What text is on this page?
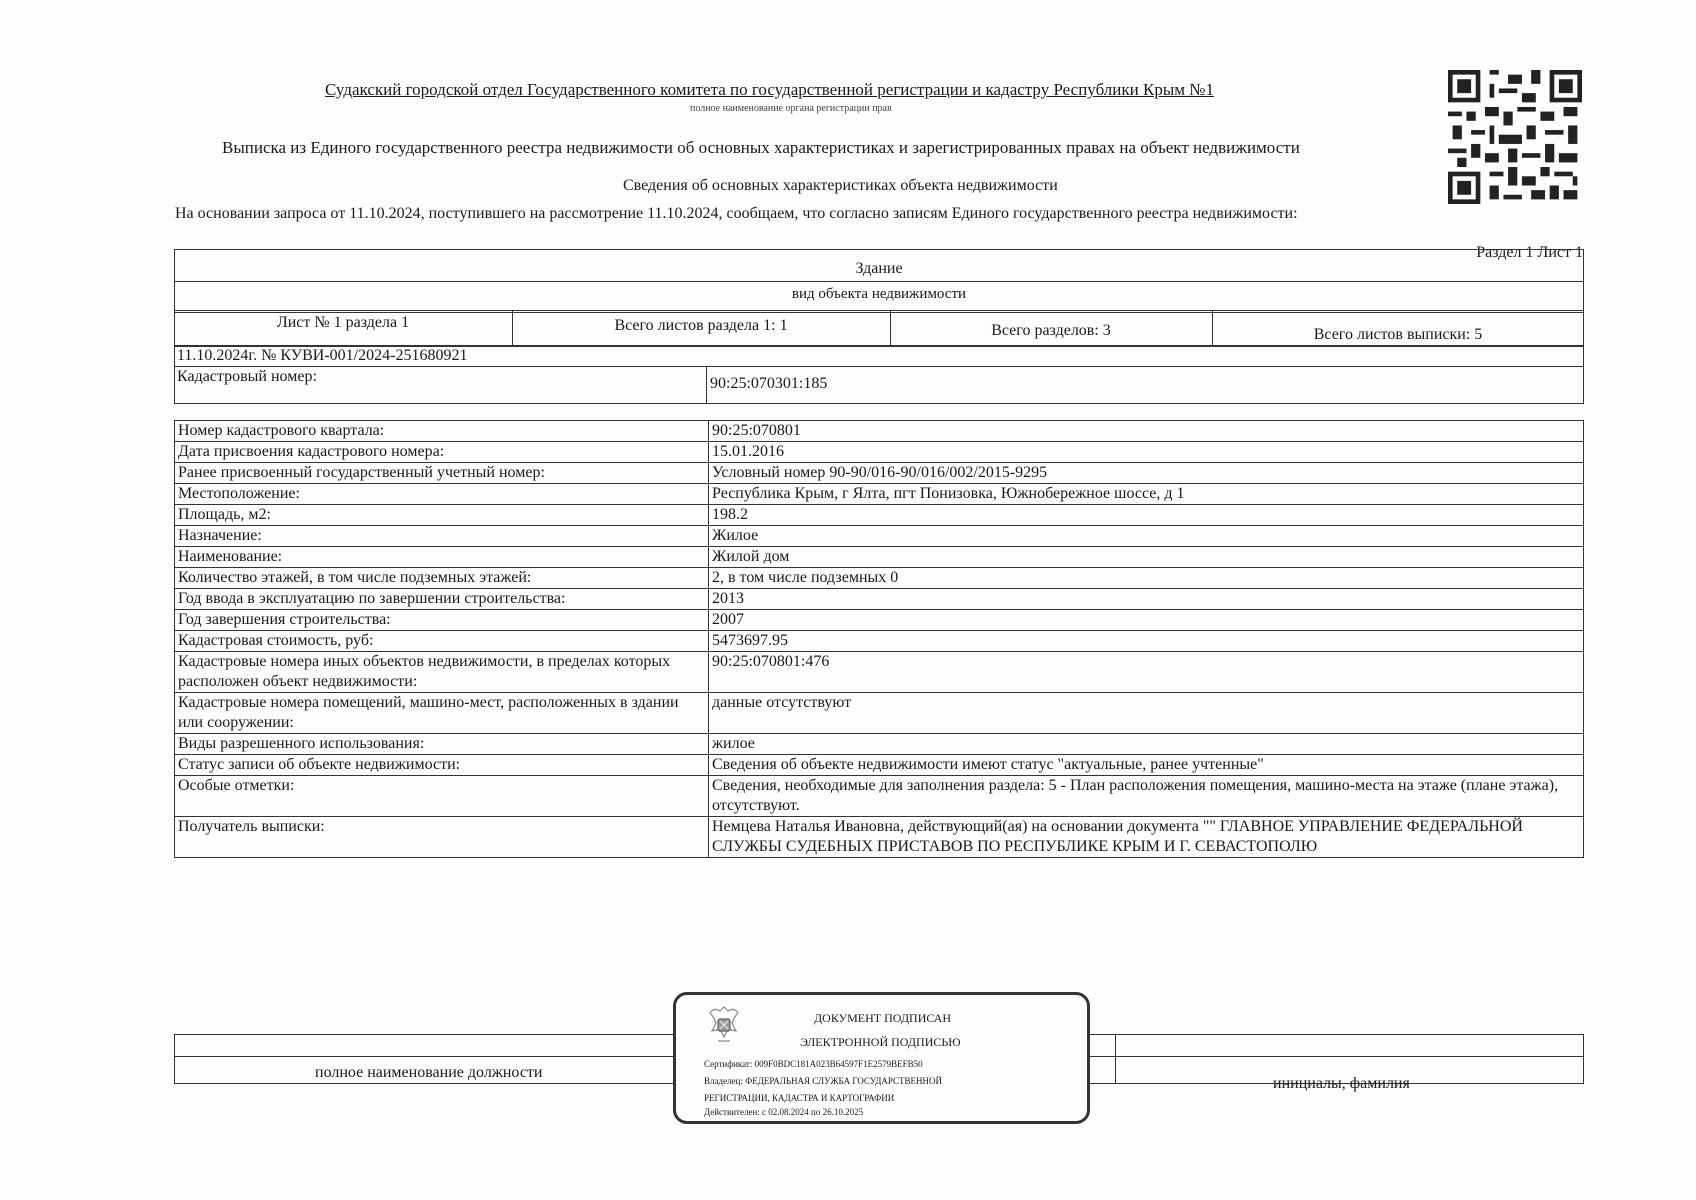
Судакский городской отдел Государственного комитета по государственной регистрации и кадастру Республики Крым №1
полное наименование органа регистрации прав
Выписка из Единого государственного реестра недвижимости об основных характеристиках и зарегистрированных правах на объект недвижимости
Сведения об основных характеристиках объекта недвижимости
На основании запроса от 11.10.2024, поступившего на рассмотрение 11.10.2024, сообщаем, что согласно записям Единого государственного реестра недвижимости:
Раздел 1 Лист 1
Здание
вид объекта недвижимости
Лист № 1 раздела 1	Всего листов раздела 1: 1	Всего разделов: 3	Всего листов выписки: 5
11.10.2024г. № КУВИ-001/2024-251680921
Кадастровый номер:	90:25:070301:185
Номер кадастрового квартала:	90:25:070801
Дата присвоения кадастрового номера:	15.01.2016
Ранее присвоенный государственный учетный номер:	Условный номер 90-90/016-90/016/002/2015-9295
Местоположение:	Республика Крым, г Ялта, пгт Понизовка, Южнобережное шоссе, д 1
Площадь, м2:	198.2
Назначение:	Жилое
Наименование:	Жилой дом
Количество этажей, в том числе подземных этажей:	2, в том числе подземных 0
Год ввода в эксплуатацию по завершении строительства:	2013
Год завершения строительства:	2007
Кадастровая стоимость, руб:	5473697.95
Кадастровые номера иных объектов недвижимости, в пределах которых расположен объект недвижимости:	90:25:070801:476
Кадастровые номера помещений, машино-мест, расположенных в здании или сооружении:	данные отсутствуют
Виды разрешенного использования:	жилое
Статус записи об объекте недвижимости:	Сведения об объекте недвижимости имеют статус "актуальные, ранее учтенные"
Особые отметки:	Сведения, необходимые для заполнения раздела: 5 - План расположения помещения, машино-места на этаже (плане этажа), отсутствуют.
Получатель выписки:	Немцева Наталья Ивановна, действующий(ая) на основании документа "" ГЛАВНОЕ УПРАВЛЕНИЕ ФЕДЕРАЛЬНОЙ СЛУЖБЫ СУДЕБНЫХ ПРИСТАВОВ ПО РЕСПУБЛИКЕ КРЫМ И Г. СЕВАСТОПОЛЮ
полное наименование должности
инициалы, фамилия
ДОКУМЕНТ ПОДПИСАН
ЭЛЕКТРОННОЙ ПОДПИСЬЮ
Сертификат: 009F0BDC181A023B64597F1E2579BEFB50
Владелец: ФЕДЕРАЛЬНАЯ СЛУЖБА ГОСУДАРСТВЕННОЙ
РЕГИСТРАЦИИ, КАДАСТРА И КАРТОГРАФИИ
Действителен: с 02.08.2024 по 26.10.2025
